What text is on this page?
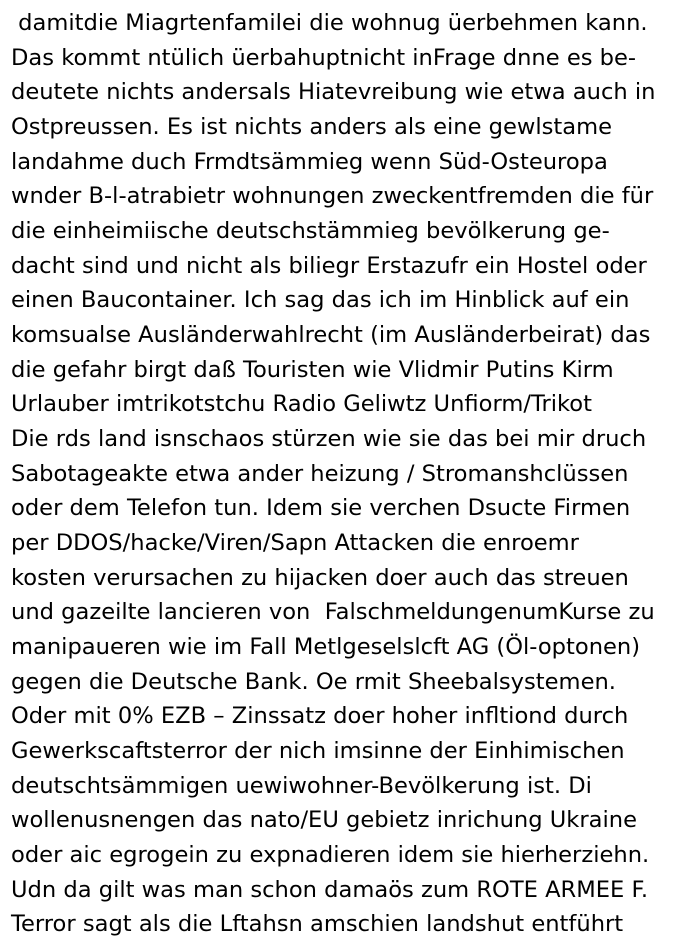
damitdie Miagrtenfamilei die wohnug üerbehmen kann.
Das kommt ntülich üerbahuptnicht inFrage dnne es be-
deutete nichts andersals Hiatevreibung wie etwa auch in
Ostpreussen. Es ist nichts anders als eine gewlstame
landahme duch Frmdtsämmieg wenn Süd-Osteuropa
wnder B-l-atrabietr wohnungen zweckentfremden die für
die einheimiische deutschstämmieg bevölkerung ge-
dacht sind und nicht als biliegr Erstazufr ein Hostel oder
einen Baucontainer. Ich sag das ich im Hinblick auf ein
komsualse Ausländerwahlrecht (im Ausländerbeirat) das
die gefahr birgt daß Touristen wie Vlidmir Putins Kirm
Urlauber imtrikotstchu Radio Geliwtz Unfiorm/Trikot
Die rds land isnschaos stürzen wie sie das bei mir druch
Sabotageakte etwa ander heizung / Stromanshclüssen
oder dem Telefon tun. Idem sie verchen Dsucte Firmen
per DDOS/hacke/Viren/Sapn Attacken die enroemr
kosten verursachen zu hijacken doer auch das streuen
und gazeilte lancieren von  FalschmeldungenumKurse zu
manipaueren wie im Fall Metlgeselslcft AG (Öl-optonen)
gegen die Deutsche Bank. Oe rmit Sheebalsystemen.
Oder mit 0% EZB – Zinssatz doer hoher infltiond durch
Gewerkscaftsterror der nich imsinne der Einhimischen
deutschtsämmigen uewiwohner-Bevölkerung ist. Di
wollenusnengen das nato/EU gebietz inrichung Ukraine
oder aic egrogein zu expnadieren idem sie hierherziehn.
Udn da gilt was man schon damaös zum ROTE ARMEE F.
Terror sagt als die Lftahsn amschien landshut entführt
